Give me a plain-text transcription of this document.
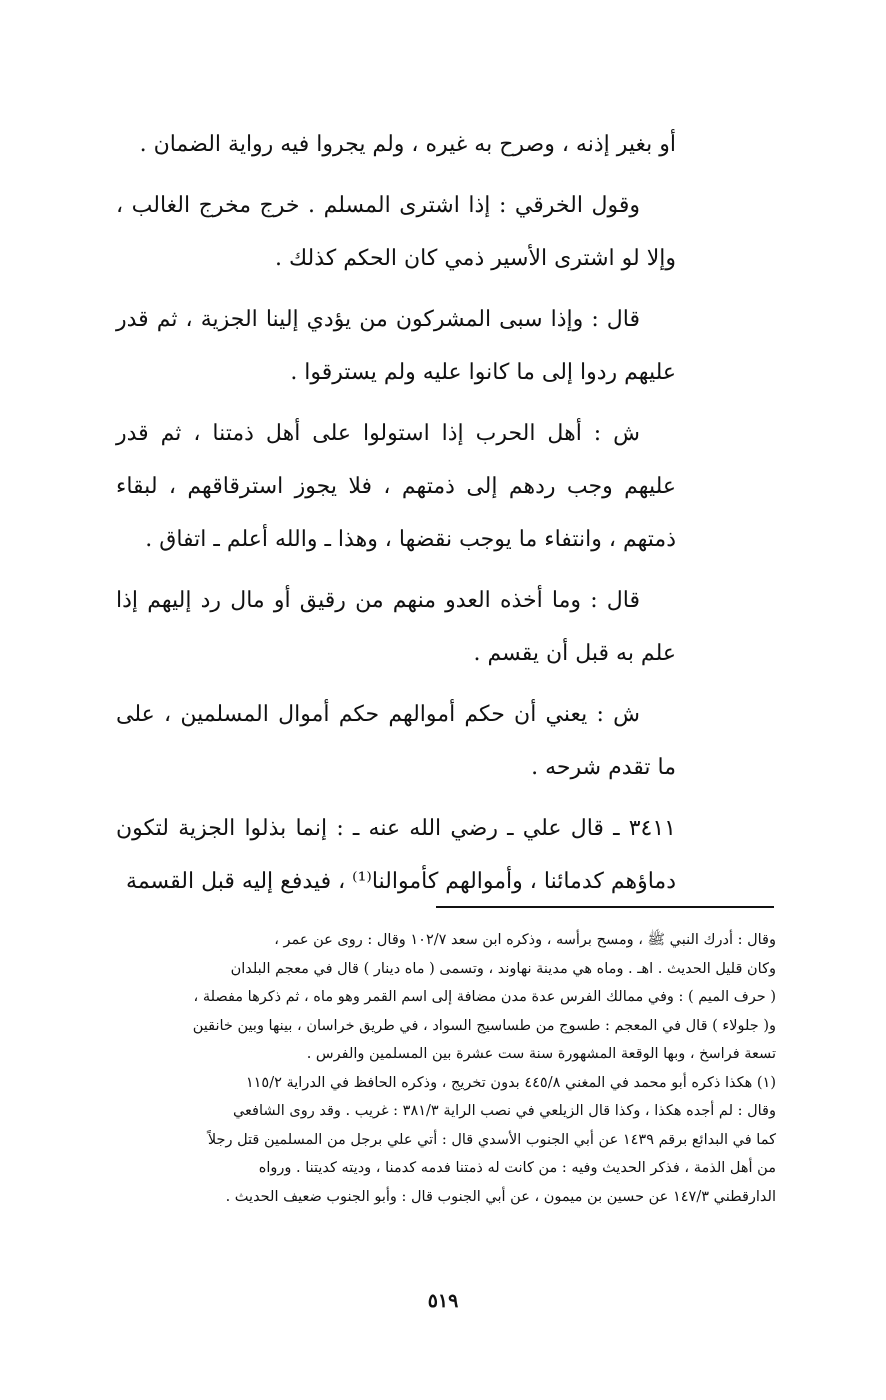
أو بغير إذنه ، وصرح به غيره ، ولم يجروا فيه رواية الضمان .

وقول الخرقي : إذا اشترى المسلم . خرج مخرج الغالب ، وإلا لو اشترى الأسير ذمي كان الحكم كذلك .

قال : وإذا سبى المشركون من يؤدي إلينا الجزية ، ثم قدر عليهم ردوا إلى ما كانوا عليه ولم يسترقوا .

ش : أهل الحرب إذا استولوا على أهل ذمتنا ، ثم قدر عليهم وجب ردهم إلى ذمتهم ، فلا يجوز استرقاقهم ، لبقاء ذمتهم ، وانتفاء ما يوجب نقضها ، وهذا ـ والله أعلم ـ اتفاق .

قال : وما أخذه العدو منهم من رقيق أو مال رد إليهم إذا علم به قبل أن يقسم .

ش : يعني أن حكم أموالهم حكم أموال المسلمين ، على ما تقدم شرحه .

٣٤١١ ـ قال علي ـ رضي الله عنه ـ : إنما بذلوا الجزية لتكون دماؤهم كدمائنا ، وأموالهم كأموالنا⁽¹⁾ ، فيدفع إليه قبل القسمة

وقال : أدرك النبي ﷺ ، ومسح برأسه ، وذكره ابن سعد ١٠٢/٧ وقال : روى عن عمر ،

وكان قليل الحديث . اهـ . وماه هي مدينة نهاوند ، وتسمى ( ماه دينار ) قال في معجم البلدان

( حرف الميم ) : وفي ممالك الفرس عدة مدن مضافة إلى اسم القمر وهو ماه ، ثم ذكرها مفصلة ،

و( جلولاء ) قال في المعجم : طسوج من طساسيج السواد ، في طريق خراسان ، بينها وبين خانقين

تسعة فراسخ ، وبها الوقعة المشهورة سنة ست عشرة بين المسلمين والفرس .

(١) هكذا ذكره أبو محمد في المغني ٤٤٥/٨ بدون تخريج ، وذكره الحافظ في الدراية ١١٥/٢

وقال : لم أجده هكذا ، وكذا قال الزيلعي في نصب الراية ٣٨١/٣ : غريب . وقد روى الشافعي

كما في البدائع برقم ١٤٣٩ عن أبي الجنوب الأسدي قال : أتي علي برجل من المسلمين قتل رجلاً

من أهل الذمة ، فذكر الحديث وفيه : من كانت له ذمتنا فدمه كدمنا ، وديته كديتنا . ورواه

الدارقطني ١٤٧/٣ عن حسين بن ميمون ، عن أبي الجنوب قال : وأبو الجنوب ضعيف الحديث .

٥١٩
